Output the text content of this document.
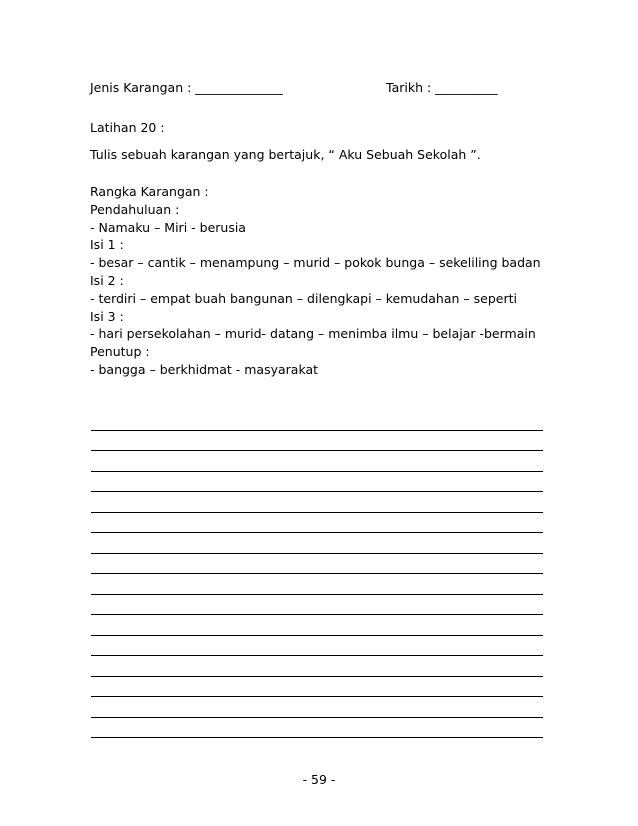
Jenis Karangan : ______________	Tarikh : __________
Latihan 20 :
Tulis sebuah karangan yang bertajuk, “ Aku Sebuah Sekolah ”.
Rangka Karangan :
Pendahuluan :
- Namaku – Miri - berusia
Isi 1 :
- besar – cantik – menampung – murid – pokok bunga – sekeliling badan
Isi 2 :
- terdiri – empat buah bangunan – dilengkapi – kemudahan – seperti
Isi 3 :
- hari persekolahan – murid- datang – menimba ilmu – belajar -bermain
Penutup :
- bangga – berkhidmat - masyarakat
- 59 -
